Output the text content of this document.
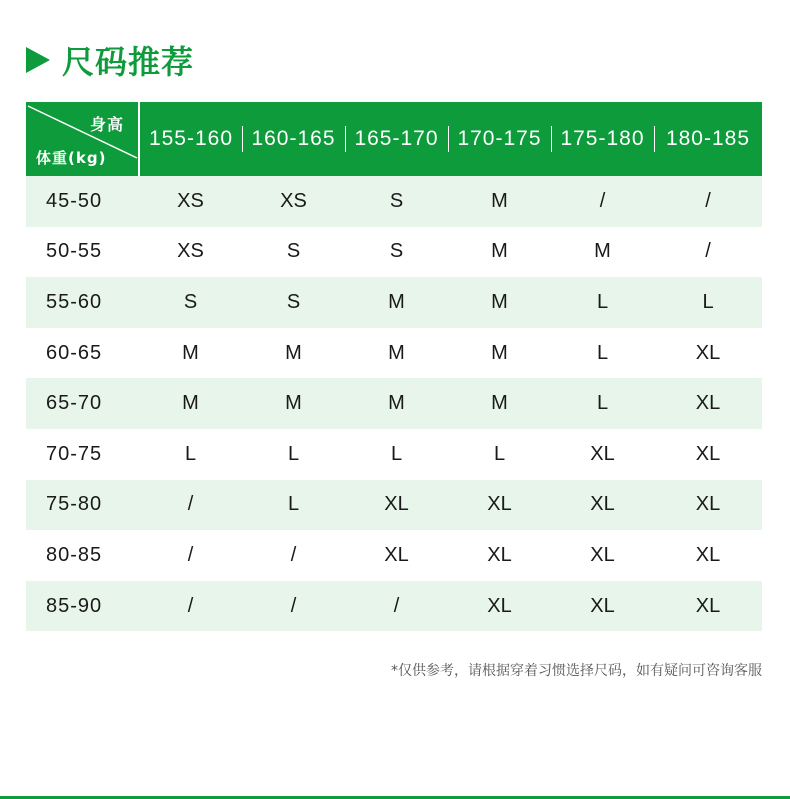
尺码推荐
身高
体重(kg)	155-160	160-165	165-170	170-175	175-180	180-185
45-50	XS	XS	S	M	/	/
50-55	XS	S	S	M	M	/
55-60	S	S	M	M	L	L
60-65	M	M	M	M	L	XL
65-70	M	M	M	M	L	XL
70-75	L	L	L	L	XL	XL
75-80	/	L	XL	XL	XL	XL
80-85	/	/	XL	XL	XL	XL
85-90	/	/	/	XL	XL	XL
*仅供参考，请根据穿着习惯选择尺码，如有疑问可咨询客服
